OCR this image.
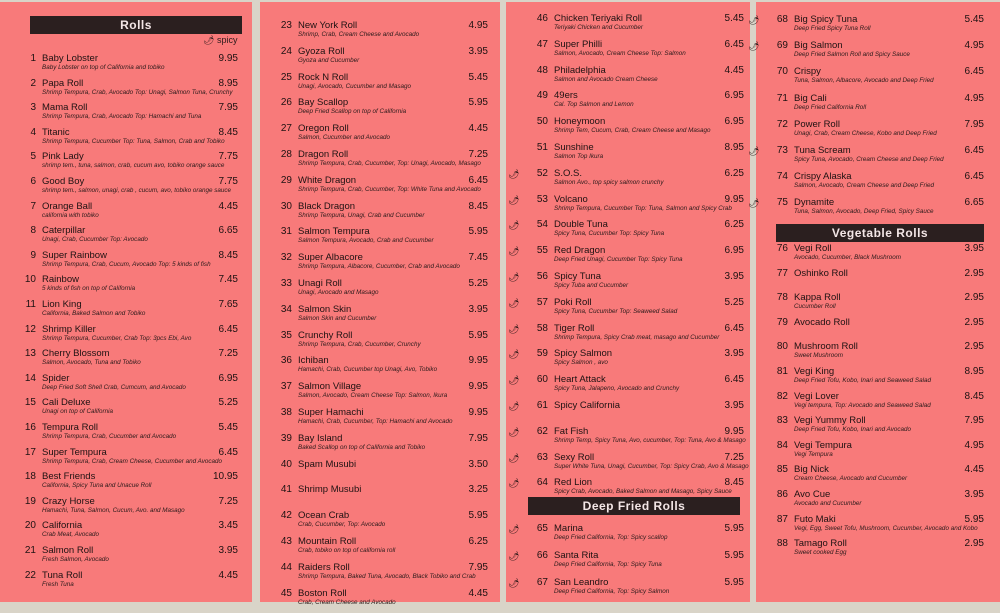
Rolls
🌶 spicy
1 Baby Lobster	9.95
Baby Lobster on top of California and tobiko
2 Papa Roll	8.95
Shrimp Tempura, Crab, Avocado Top: Unagi, Salmon Tuna, Crunchy
3 Mama Roll	7.95
Shrimp Tempura, Crab, Avocado Top: Hamachi and Tuna
4 Titanic	8.45
Shrimp Tempura, Cucumber Top: Tuna, Salmon, Crab and Tobiko
5 Pink Lady	7.75
shrimp tem., tuna, salmon, crab, cucum avo, tobiko orange sauce
6 Good Boy	7.75
shrimp tem., salmon, unagi, crab , cucum, avo, tobiko orange sauce
7 Orange Ball	4.45
california with tobiko
8 Caterpillar	6.65
Unagi, Crab, Cucumber Top: Avocado
9 Super Rainbow	8.45
Shrimp Tempura, Crab, Cucum, Avocado Top: 5 kinds of fish
10 Rainbow	7.45
5 kinds of fish on top of California
11 Lion King	7.65
California, Baked Salmon and Tobiko
12 Shrimp Killer	6.45
Shrimp Tempura, Cucumber, Crab Top: 3pcs Ebi, Avo
13 Cherry Blossom	7.25
Salmon, Avocado, Tuna and Tobiko
14 Spider	6.95
Deep Fried Soft Shell Crab, Cumcum, and Avocado
15 Cali Deluxe	5.25
Unagi on top of California
16 Tempura Roll	5.45
Shrimp Tempura, Crab, Cucumber and Avocado
17 Super Tempura	6.45
Shrimp Tempura, Crab, Cream Cheese, Cucumber and Avocado
18 Best Friends	10.95
California, Spicy Tuna and Unacue Roll
19 Crazy Horse	7.25
Hamachi, Tuna, Salmon, Cucum, Avo. and Masago
20 California	3.45
Crab Meat, Avocado
21 Salmon Roll	3.95
Fresh Salmon, Avocado
22 Tuna Roll	4.45
Fresh Tuna
23 New York Roll	4.95
Shrimp, Crab, Cream Cheese and Avocado
24 Gyoza Roll	3.95
Gyoza and Cucumber
25 Rock N Roll	5.45
Unagi, Avocado, Cucumber and Masago
26 Bay Scallop	5.95
Deep Fried Scallop on top of California
27 Oregon Roll	4.45
Salmon, Cucumber and Avocado
28 Dragon Roll	7.25
Shrimp Tempura, Crab, Cucumber, Top: Unagi, Avocado, Masago
29 White Dragon	6.45
Shrimp Tempura, Crab, Cucumber, Top: White Tuna and Avocado
30 Black Dragon	8.45
Shrimp Tempura, Unagi, Crab and Cucumber
31 Salmon Tempura	5.95
Salmon Tempura, Avocado, Crab and Cucumber
32 Super Albacore	7.45
Shrimp Tempura, Albacore, Cucumber, Crab and Avocado
33 Unagi Roll	5.25
Unagi, Avocado and Masago
34 Salmon Skin	3.95
Salmon Skin and Cucumber
35 Crunchy Roll	5.95
Shrimp Tempura, Crab, Cucumber, Crunchy
36 Ichiban	9.95
Hamachi, Crab, Cucumber top Unagi, Avo, Tobiko
37 Salmon Village	9.95
Salmon, Avocado, Cream Cheese Top: Salmon, Ikura
38 Super Hamachi	9.95
Hamachi, Crab, Cucumber, Top: Hamachi and Avocado
39 Bay Island	7.95
Baked Scallop on top of California and Tobiko
40 Spam Musubi	3.50
41 Shrimp Musubi	3.25
42 Ocean Crab	5.95
Crab, Cucumber, Top: Avocado
43 Mountain Roll	6.25
Crab, tobiko on top of california roll
44 Raiders Roll	7.95
Shrimp Tempura, Baked Tuna, Avocado, Black Tobiko and Crab
45 Boston Roll	4.45
Crab, Cream Cheese and Avocado
46 Chicken Teriyaki Roll	5.45
Teriyaki Chicken and Cucumber
47 Super Philli	6.45
Salmon, Avocado, Cream Cheese Top: Salmon
48 Philadelphia	4.45
Salmon and Avocado Cream Cheese
49 49ers	6.95
Cal. Top Salmon and Lemon
50 Honeymoon	6.95
Shrimp Tem, Cucum, Crab, Cream Cheese and Masago
51 Sunshine	8.95
Salmon Top Ikura
🌶	52 S.O.S.	6.25
Salmon Avo., top spicy salmon crunchy
🌶	53 Volcano	9.95
Shrimp Tempura, Cucumber Top: Tuna, Salmon and Spicy Crab
🌶	54 Double Tuna	6.25
Spicy Tuna, Cucumber Top: Spicy Tuna
🌶	55 Red Dragon	6.95
Deep Fried Unagi, Cucumber Top: Spicy Tuna
🌶	56 Spicy Tuna	3.95
Spicy Tuba and Cucumber
🌶	57 Poki Roll	5.25
Spicy Tuna, Cucumber Top: Seaweed Salad
🌶	58 Tiger Roll	6.45
Shrimp Tempura, Spicy Crab meat, masago and Cucumber
🌶	59 Spicy Salmon	3.95
Spicy Salmon , avo
🌶	60 Heart Attack	6.45
Spicy Tuna, Jalapeno, Avocado and Crunchy
🌶	61 Spicy California	3.95
🌶	62 Fat Fish	9.95
Shrimp Temp, Spicy Tuna, Avo, cucumber, Top: Tuna, Avo & Masago
🌶	63 Sexy Roll	7.25
Super White Tuna, Unagi, Cucumber, Top: Spicy Crab, Avo & Masago
🌶	64 Red Lion	8.45
Spicy Crab, Avocado, Baked Salmon and Masago, Spicy Sauce
Deep Fried Rolls
🌶	65 Marina	5.95
Deep Fried California, Top: Spicy scallop
🌶	66 Santa Rita	5.95
Deep Fried California, Top: Spicy Tuna
🌶	67 San Leandro	5.95
Deep Fried California, Top: Spicy Salmon
🌶	68 Big Spicy Tuna	5.45
Deep Fried Spicy Tuna Roll
🌶	69 Big Salmon	4.95
Deep Fried Salmon Roll and Spicy Sauce
70 Crispy	6.45
Tuna, Salmon, Albacore, Avocado and Deep Fried
71 Big Cali	4.95
Deep Fried California Roll
72 Power Roll	7.95
Unagi, Crab, Cream Cheese, Kobo and Deep Fried
🌶	73 Tuna Scream	6.45
Spicy Tuna, Avocado, Cream Cheese and Deep Fried
74 Crispy Alaska	6.45
Salmon, Avocado, Cream Cheese and Deep Fried
🌶	75 Dynamite	6.65
Tuna, Salmon, Avocado, Deep Fried, Spicy Sauce
Vegetable Rolls
76 Vegi Roll	3.95
Avocado, Cucumber, Black Mushroom
77 Oshinko Roll	2.95
78 Kappa Roll	2.95
Cucumber Roll
79 Avocado Roll	2.95
80 Mushroom Roll	2.95
Sweet Mushroom
81 Vegi King	8.95
Deep Fried Tofu, Kobo, Inari and Seaweed Salad
82 Vegi Lover	8.45
Vegi tempura, Top: Avocado and Seaweed Salad
83 Vegi Yummy Roll	7.95
Deep Fried Tofu, Kobo, Inari and Avocado
84 Vegi Tempura	4.95
Vegi Tempura
85 Big Nick	4.45
Cream Cheese, Avocado and Cucumber
86 Avo Cue	3.95
Avocado and Cucumber
87 Futo Maki	5.95
Vegi, Egg, Sweet Tofu, Mushroom, Cucumber, Avocado and Kobo
88 Tamago Roll	2.95
Sweet cooked Egg
